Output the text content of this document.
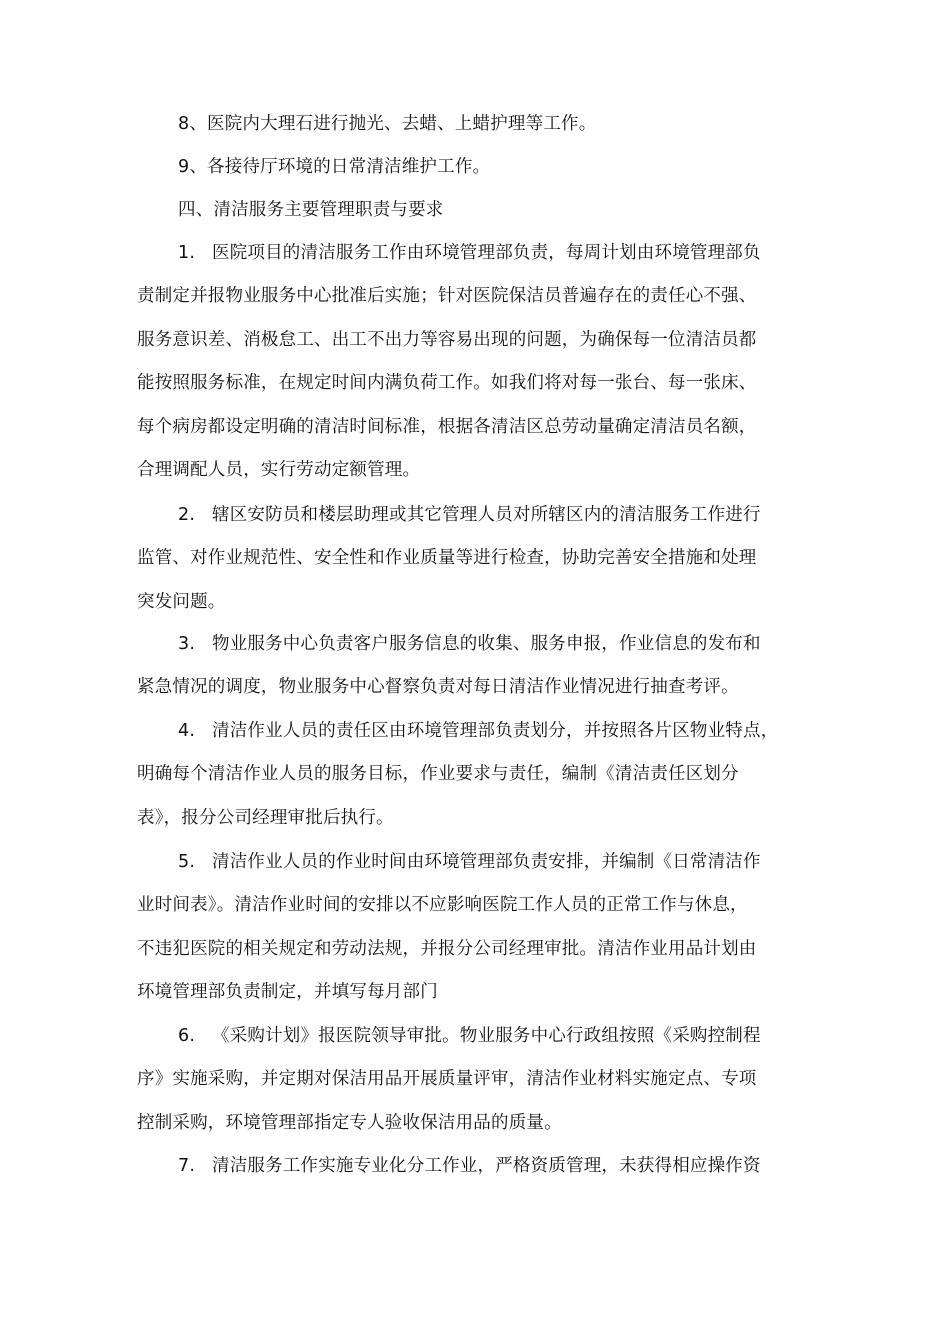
8、医院内大理石进行抛光、去蜡、上蜡护理等工作。

9、各接待厅环境的日常清洁维护工作。

四、清洁服务主要管理职责与要求

1. 医院项目的清洁服务工作由环境管理部负责，每周计划由环境管理部负
责制定并报物业服务中心批准后实施；针对医院保洁员普遍存在的责任心不强、
服务意识差、消极怠工、出工不出力等容易出现的问题，为确保每一位清洁员都
能按照服务标准，在规定时间内满负荷工作。如我们将对每一张台、每一张床、
每个病房都设定明确的清洁时间标准，根据各清洁区总劳动量确定清洁员名额，
合理调配人员，实行劳动定额管理。
2. 辖区安防员和楼层助理或其它管理人员对所辖区内的清洁服务工作进行
监管、对作业规范性、安全性和作业质量等进行检查，协助完善安全措施和处理
突发问题。
3. 物业服务中心负责客户服务信息的收集、服务申报，作业信息的发布和
紧急情况的调度，物业服务中心督察负责对每日清洁作业情况进行抽查考评。
4. 清洁作业人员的责任区由环境管理部负责划分，并按照各片区物业特点，
明确每个清洁作业人员的服务目标，作业要求与责任，编制《清洁责任区划分
表》，报分公司经理审批后执行。
5. 清洁作业人员的作业时间由环境管理部负责安排，并编制《日常清洁作
业时间表》。清洁作业时间的安排以不应影响医院工作人员的正常工作与休息，
不违犯医院的相关规定和劳动法规，并报分公司经理审批。清洁作业用品计划由
环境管理部负责制定，并填写每月部门
6. 《采购计划》报医院领导审批。物业服务中心行政组按照《采购控制程
序》实施采购，并定期对保洁用品开展质量评审，清洁作业材料实施定点、专项
控制采购，环境管理部指定专人验收保洁用品的质量。
7. 清洁服务工作实施专业化分工作业，严格资质管理，未获得相应操作资
